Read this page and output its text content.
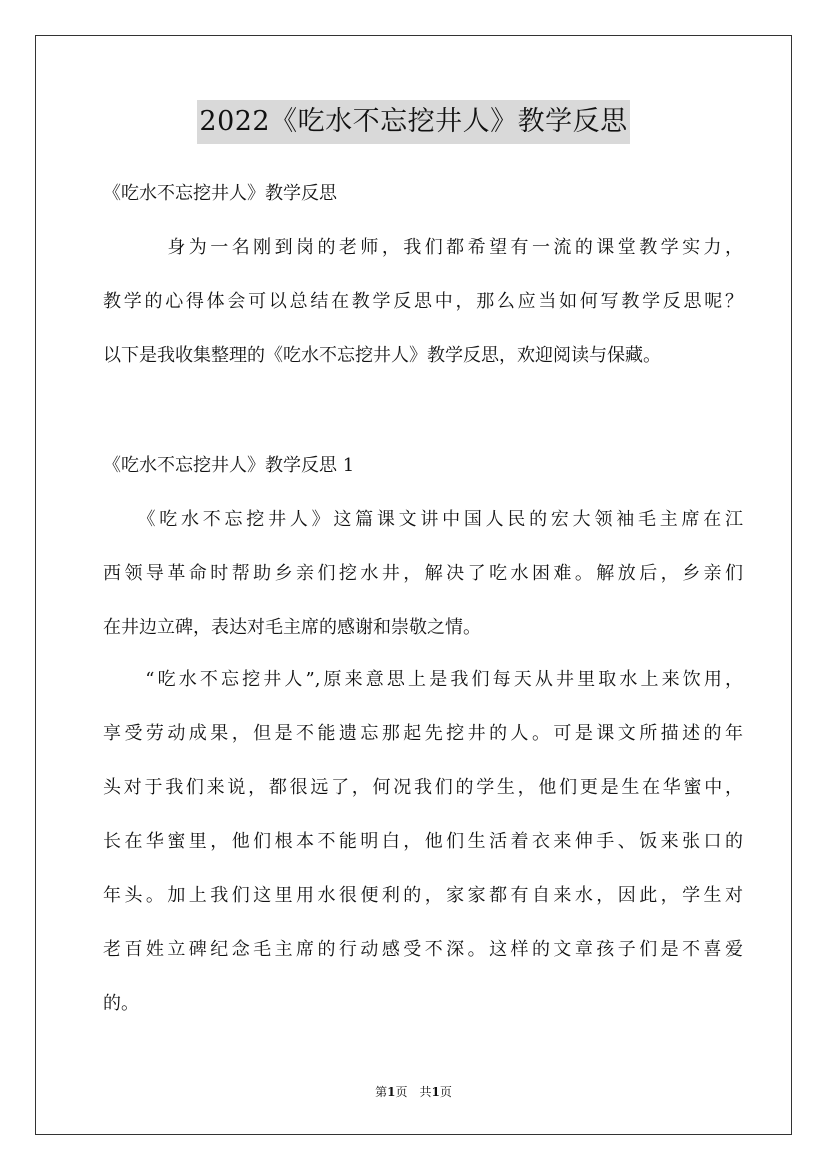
2022《吃水不忘挖井人》教学反思
《吃水不忘挖井人》教学反思
　　　身为一名刚到岗的老师，我们都希望有一流的课堂教学实力，
教学的心得体会可以总结在教学反思中，那么应当如何写教学反思呢？
以下是我收集整理的《吃水不忘挖井人》教学反思，欢迎阅读与保藏。
《吃水不忘挖井人》教学反思 1
　　《吃水不忘挖井人》这篇课文讲中国人民的宏大领袖毛主席在江
西领导革命时帮助乡亲们挖水井，解决了吃水困难。解放后，乡亲们
在井边立碑，表达对毛主席的感谢和崇敬之情。
　　“吃水不忘挖井人”,原来意思上是我们每天从井里取水上来饮用，
享受劳动成果，但是不能遗忘那起先挖井的人。可是课文所描述的年
头对于我们来说，都很远了，何况我们的学生，他们更是生在华蜜中，
长在华蜜里，他们根本不能明白，他们生活着衣来伸手、饭来张口的
年头。加上我们这里用水很便利的，家家都有自来水，因此，学生对
老百姓立碑纪念毛主席的行动感受不深。这样的文章孩子们是不喜爱
的。
第1页　共1页
